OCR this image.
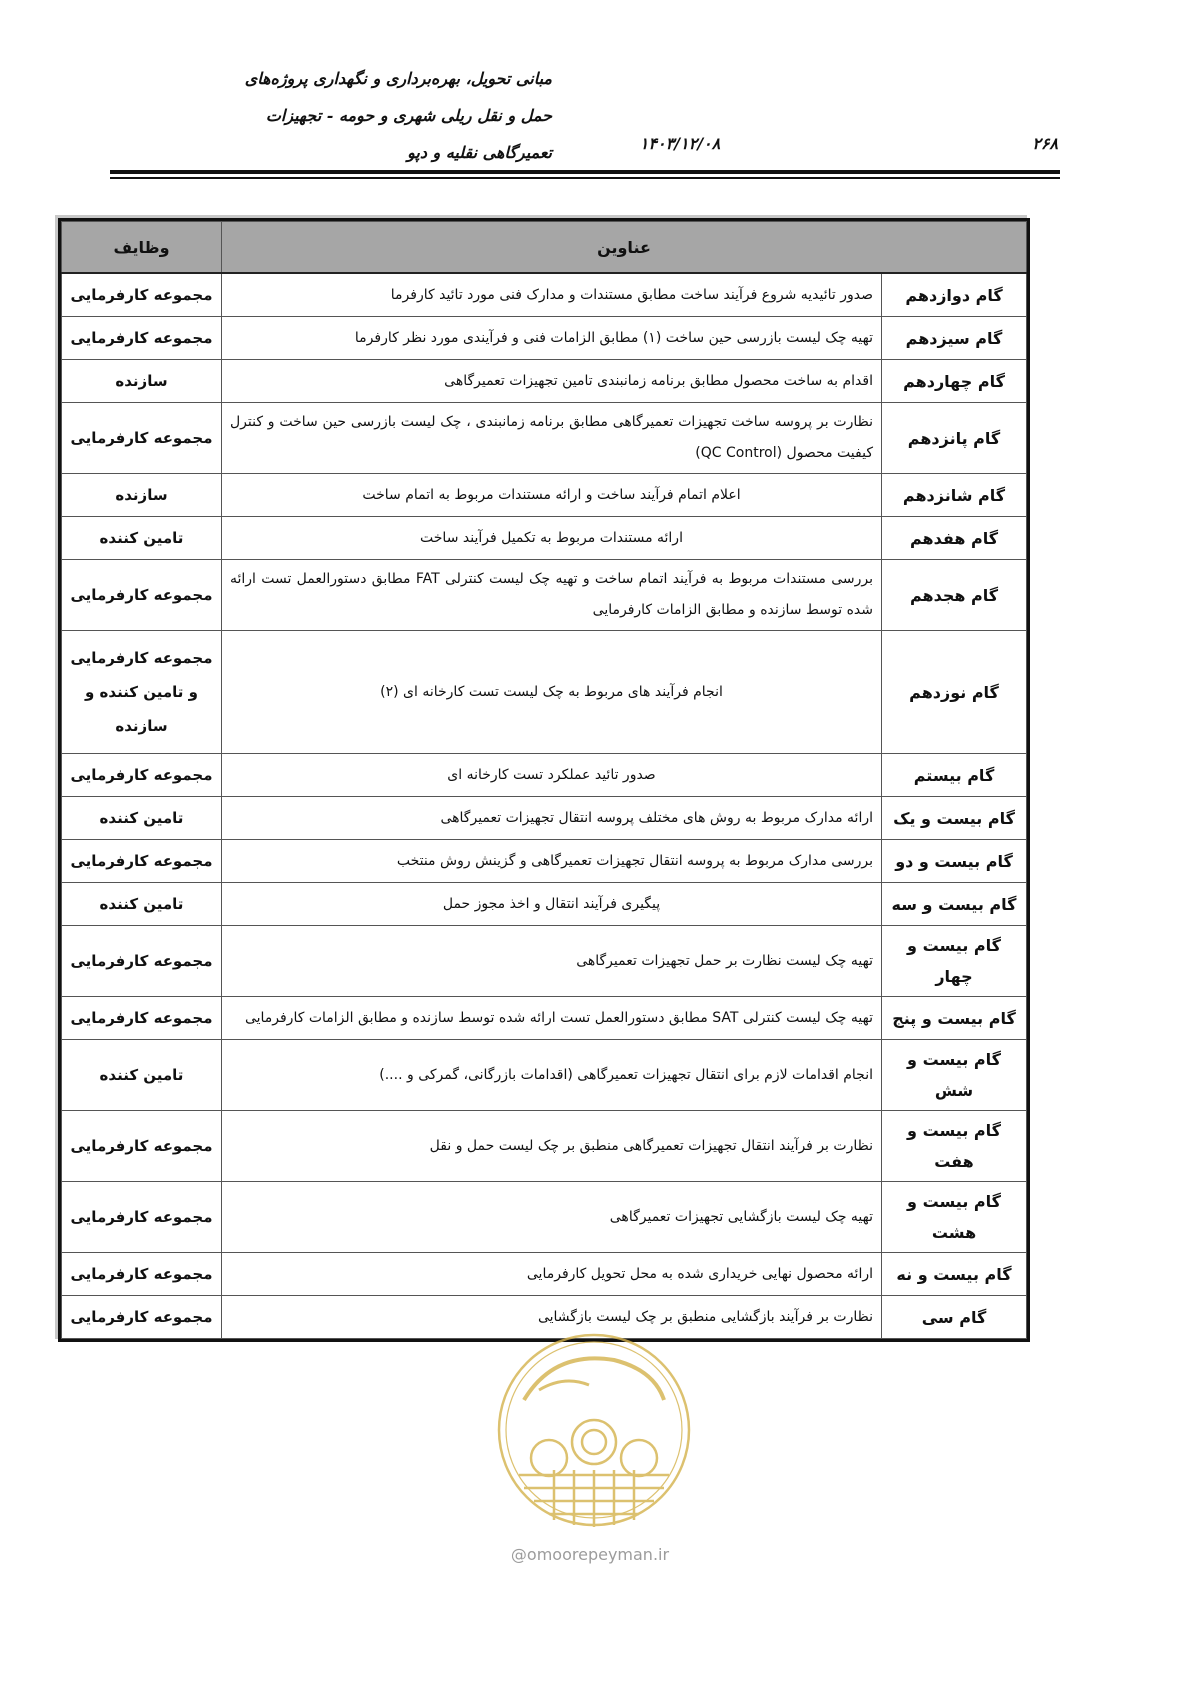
مبانی تحویل، بهره‌برداری و نگهداری پروژه‌های
حمل و نقل ریلی شهری و حومه - تجهیزات
تعمیرگاهی نقلیه و دپو	۱۴۰۳/۱۲/۰۸	۲۶۸
عناوین		وظایف
گام دوازدهم	صدور تائیدیه شروع فرآیند ساخت مطابق مستندات و مدارک فنی مورد تائید کارفرما	مجموعه کارفرمایی
گام سیزدهم	تهیه چک لیست بازرسی حین ساخت (۱) مطابق الزامات فنی و فرآیندی مورد نظر کارفرما	مجموعه کارفرمایی
گام چهاردهم	اقدام به ساخت محصول مطابق برنامه زمانبندی تامین تجهیزات تعمیرگاهی	سازنده
گام پانزدهم	نظارت بر پروسه ساخت تجهیزات تعمیرگاهی مطابق برنامه زمانبندی ، چک لیست بازرسی حین ساخت و کنترل کیفیت محصول (QC Control)	مجموعه کارفرمایی
گام شانزدهم	اعلام اتمام فرآیند ساخت و ارائه مستندات مربوط به اتمام ساخت	سازنده
گام هفدهم	ارائه مستندات مربوط به تکمیل فرآیند ساخت	تامین کننده
گام هجدهم	بررسی مستندات مربوط به فرآیند اتمام ساخت و تهیه چک لیست کنترلی FAT مطابق دستورالعمل تست ارائه شده توسط سازنده و مطابق الزامات کارفرمایی	مجموعه کارفرمایی
گام نوزدهم	انجام فرآیند های مربوط به چک لیست تست کارخانه ای (۲)	مجموعه کارفرمایی و تامین کننده و سازنده
گام بیستم	صدور تائید عملکرد تست کارخانه ای	مجموعه کارفرمایی
گام بیست و یک	ارائه مدارک مربوط به روش های مختلف پروسه انتقال تجهیزات تعمیرگاهی	تامین کننده
گام بیست و دو	بررسی مدارک مربوط به پروسه انتقال تجهیزات تعمیرگاهی و گزینش روش منتخب	مجموعه کارفرمایی
گام بیست و سه	پیگیری فرآیند انتقال و اخذ مجوز حمل	تامین کننده
گام بیست و چهار	تهیه چک لیست نظارت بر حمل تجهیزات تعمیرگاهی	مجموعه کارفرمایی
گام بیست و پنج	تهیه چک لیست کنترلی SAT مطابق دستورالعمل تست ارائه شده توسط سازنده و مطابق الزامات کارفرمایی	مجموعه کارفرمایی
گام بیست و شش	انجام اقدامات لازم برای انتقال تجهیزات تعمیرگاهی (اقدامات بازرگانی، گمرکی و ....)	تامین کننده
گام بیست و هفت	نظارت بر فرآیند انتقال تجهیزات تعمیرگاهی منطبق بر چک لیست حمل و نقل	مجموعه کارفرمایی
گام بیست و هشت	تهیه چک لیست بازگشایی تجهیزات تعمیرگاهی	مجموعه کارفرمایی
گام بیست و نه	ارائه محصول نهایی خریداری شده به محل تحویل کارفرمایی	مجموعه کارفرمایی
گام سی	نظارت بر فرآیند بازگشایی منطبق بر چک لیست بازگشایی	مجموعه کارفرمایی
@omoorepeyman.ir
